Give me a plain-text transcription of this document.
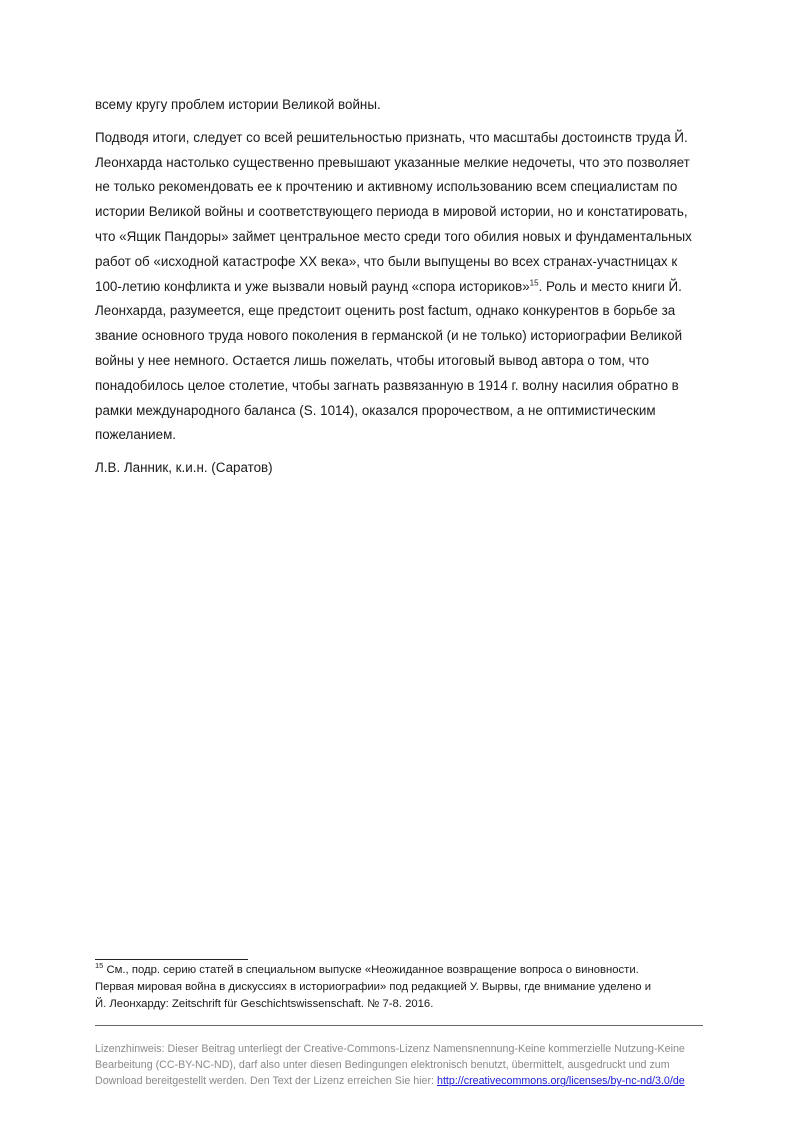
всему кругу проблем истории Великой войны.

Подводя итоги, следует со всей решительностью признать, что масштабы достоинств труда Й.
Леонхарда настолько существенно превышают указанные мелкие недочеты, что это позволяет
не только рекомендовать ее к прочтению и активному использованию всем специалистам по
истории Великой войны и соответствующего периода в мировой истории, но и констатировать,
что «Ящик Пандоры» займет центральное место среди того обилия новых и фундаментальных
работ об «исходной катастрофе XX века», что были выпущены во всех странах-участницах к
100-летию конфликта и уже вызвали новый раунд «спора историков»$^{15}$. Роль и место книги Й.
Леонхарда, разумеется, еще предстоит оценить post factum, однако конкурентов в борьбе за
звание основного труда нового поколения в германской (и не только) историографии Великой
войны у нее немного. Остается лишь пожелать, чтобы итоговый вывод автора о том, что
понадобилось целое столетие, чтобы загнать развязанную в 1914 г. волну насилия обратно в
рамки международного баланса (S. 1014), оказался пророчеством, а не оптимистическим
пожеланием.

Л.В. Ланник, к.и.н. (Саратов)

$^{15}$ См., подр. серию статей в специальном выпуске «Неожиданное возвращение вопроса о виновности.
Первая мировая война в дискуссиях в историографии» под редакцией У. Вырвы, где внимание уделено и
Й. Леонхарду: Zeitschrift für Geschichtswissenschaft. № 7-8. 2016.
Lizenzhinweis: Dieser Beitrag unterliegt der Creative-Commons-Lizenz Namensnennung-Keine kommerzielle Nutzung-Keine
Bearbeitung (CC-BY-NC-ND), darf also unter diesen Bedingungen elektronisch benutzt, übermittelt, ausgedruckt und zum
Download bereitgestellt werden. Den Text der Lizenz erreichen Sie hier: http://creativecommons.org/licenses/by-nc-nd/3.0/de
